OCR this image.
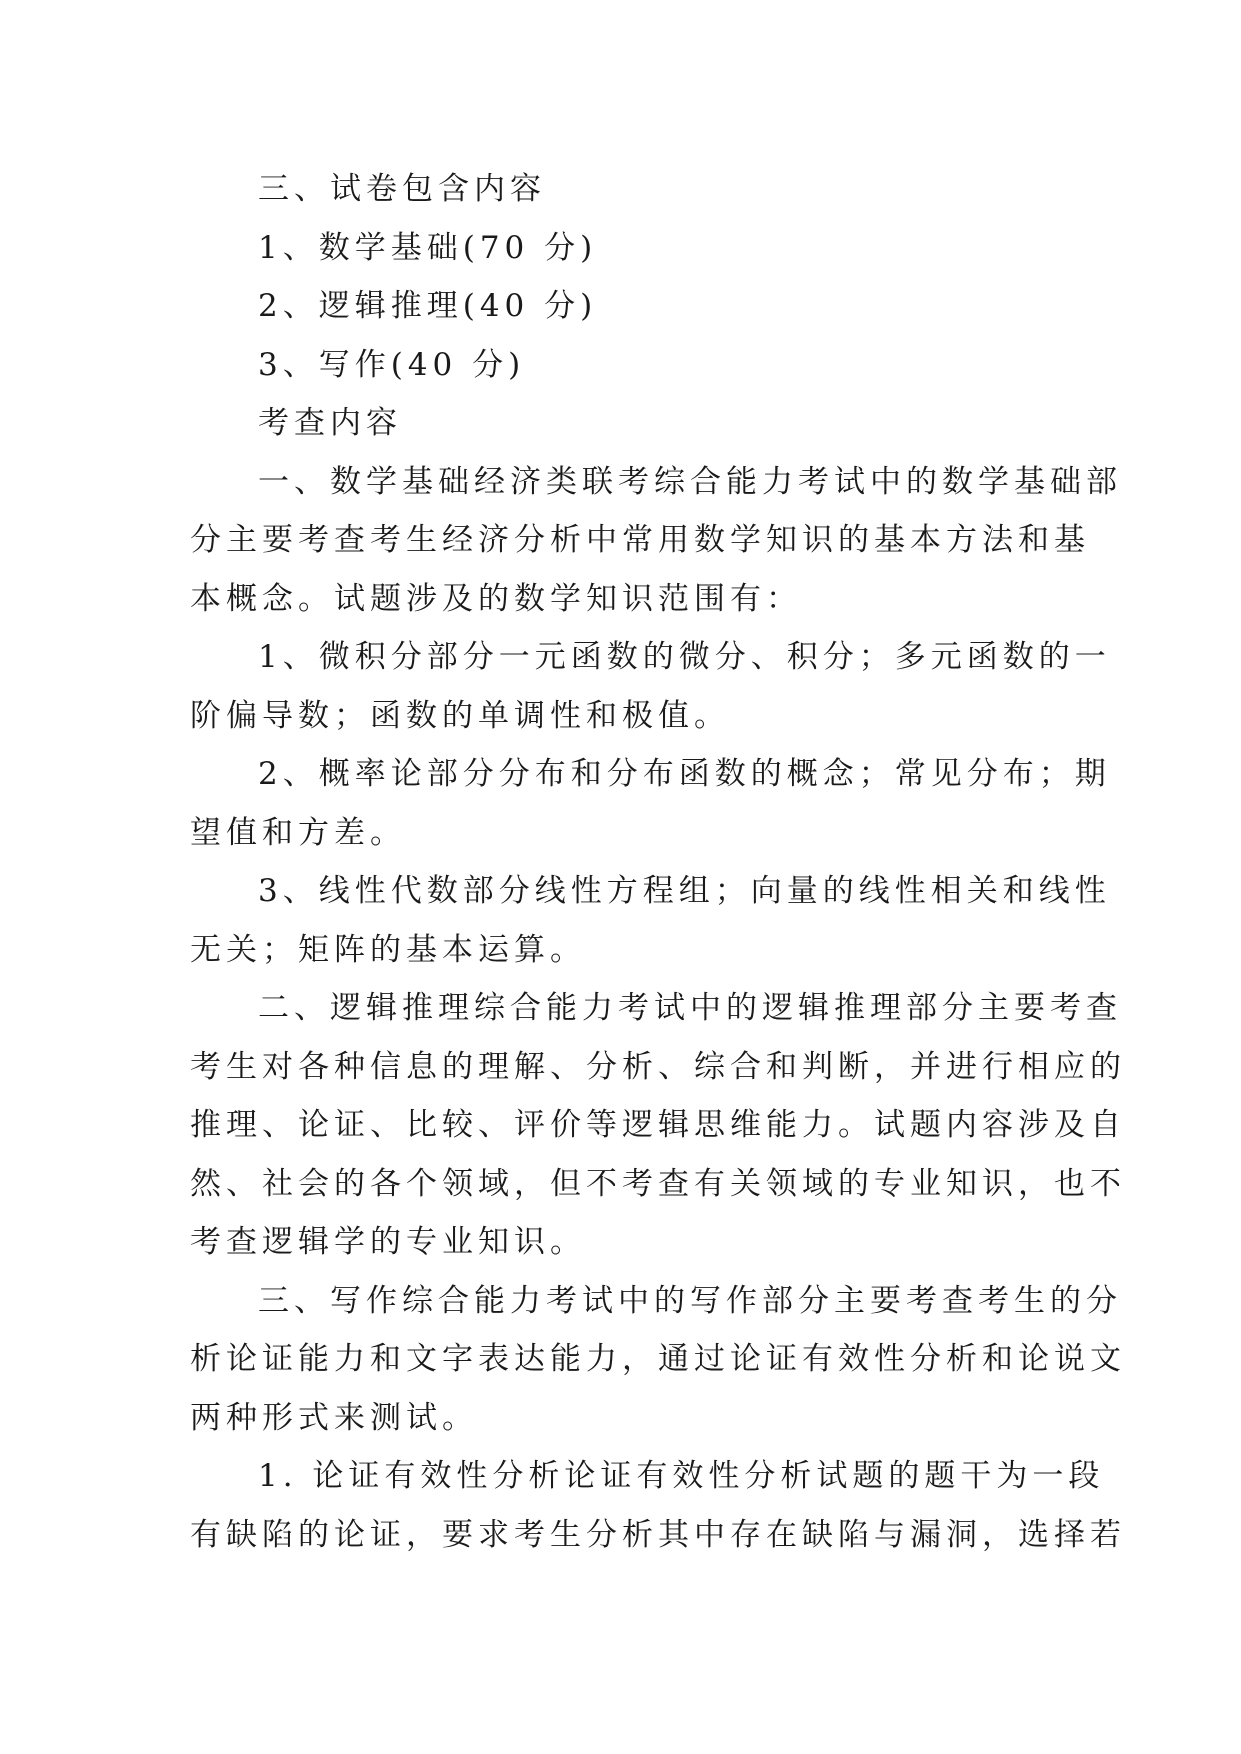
三、试卷包含内容

1、数学基础(70 分)

2、逻辑推理(40 分)

3、写作(40 分)

考查内容

一、数学基础经济类联考综合能力考试中的数学基础部

分主要考查考生经济分析中常用数学知识的基本方法和基

本概念。试题涉及的数学知识范围有：

1、微积分部分一元函数的微分、积分；多元函数的一

阶偏导数；函数的单调性和极值。

2、概率论部分分布和分布函数的概念；常见分布；期

望值和方差。

3、线性代数部分线性方程组；向量的线性相关和线性

无关；矩阵的基本运算。

二、逻辑推理综合能力考试中的逻辑推理部分主要考查

考生对各种信息的理解、分析、综合和判断，并进行相应的

推理、论证、比较、评价等逻辑思维能力。试题内容涉及自

然、社会的各个领域，但不考查有关领域的专业知识，也不

考查逻辑学的专业知识。

三、写作综合能力考试中的写作部分主要考查考生的分

析论证能力和文字表达能力，通过论证有效性分析和论说文

两种形式来测试。

1. 论证有效性分析论证有效性分析试题的题干为一段

有缺陷的论证，要求考生分析其中存在缺陷与漏洞，选择若
